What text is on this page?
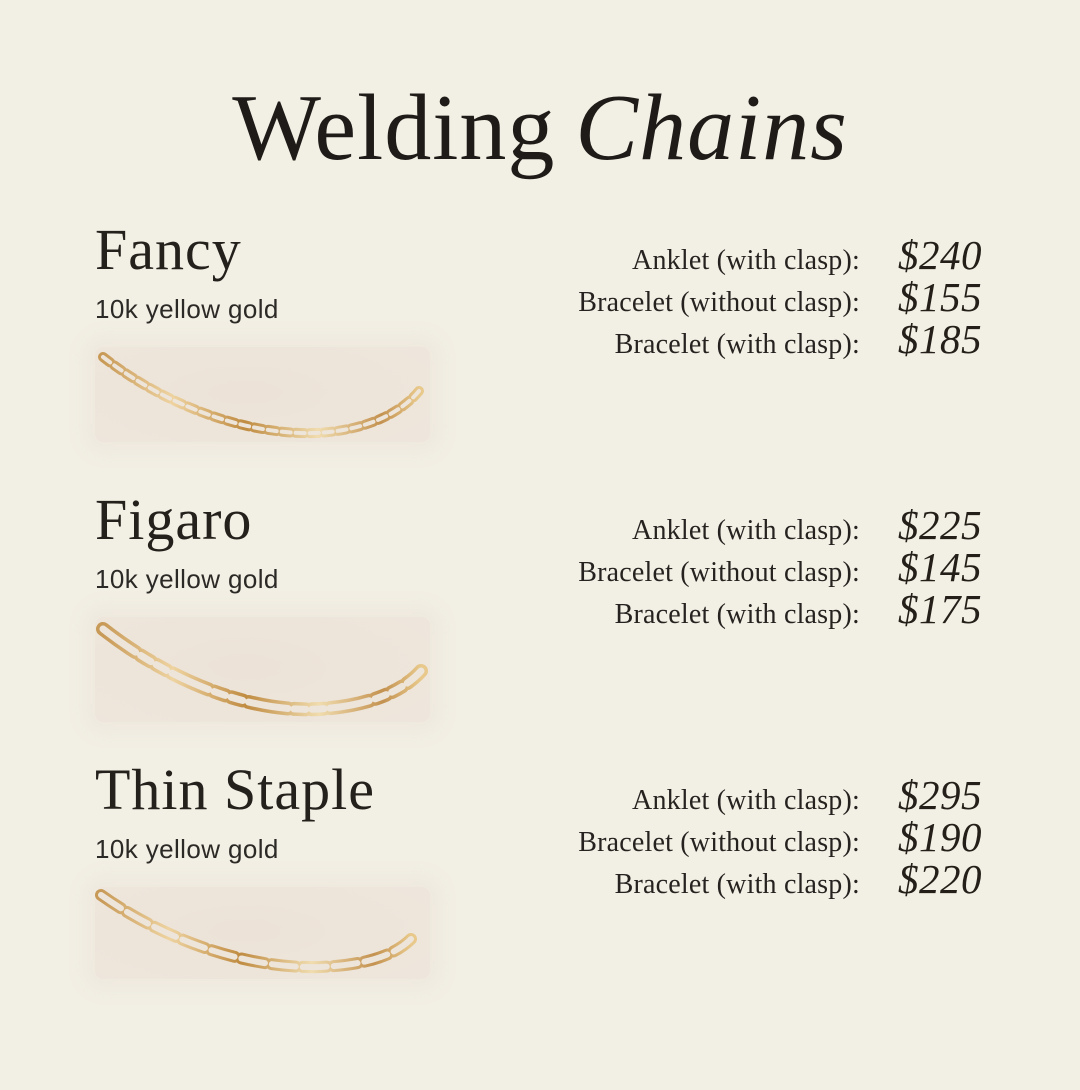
Welding Chains
Fancy
10k yellow gold
Anklet (with clasp): $240
Bracelet (without clasp): $155
Bracelet (with clasp): $185
Figaro
10k yellow gold
Anklet (with clasp): $225
Bracelet (without clasp): $145
Bracelet (with clasp): $175
Thin Staple
10k yellow gold
Anklet (with clasp): $295
Bracelet (without clasp): $190
Bracelet (with clasp): $220
